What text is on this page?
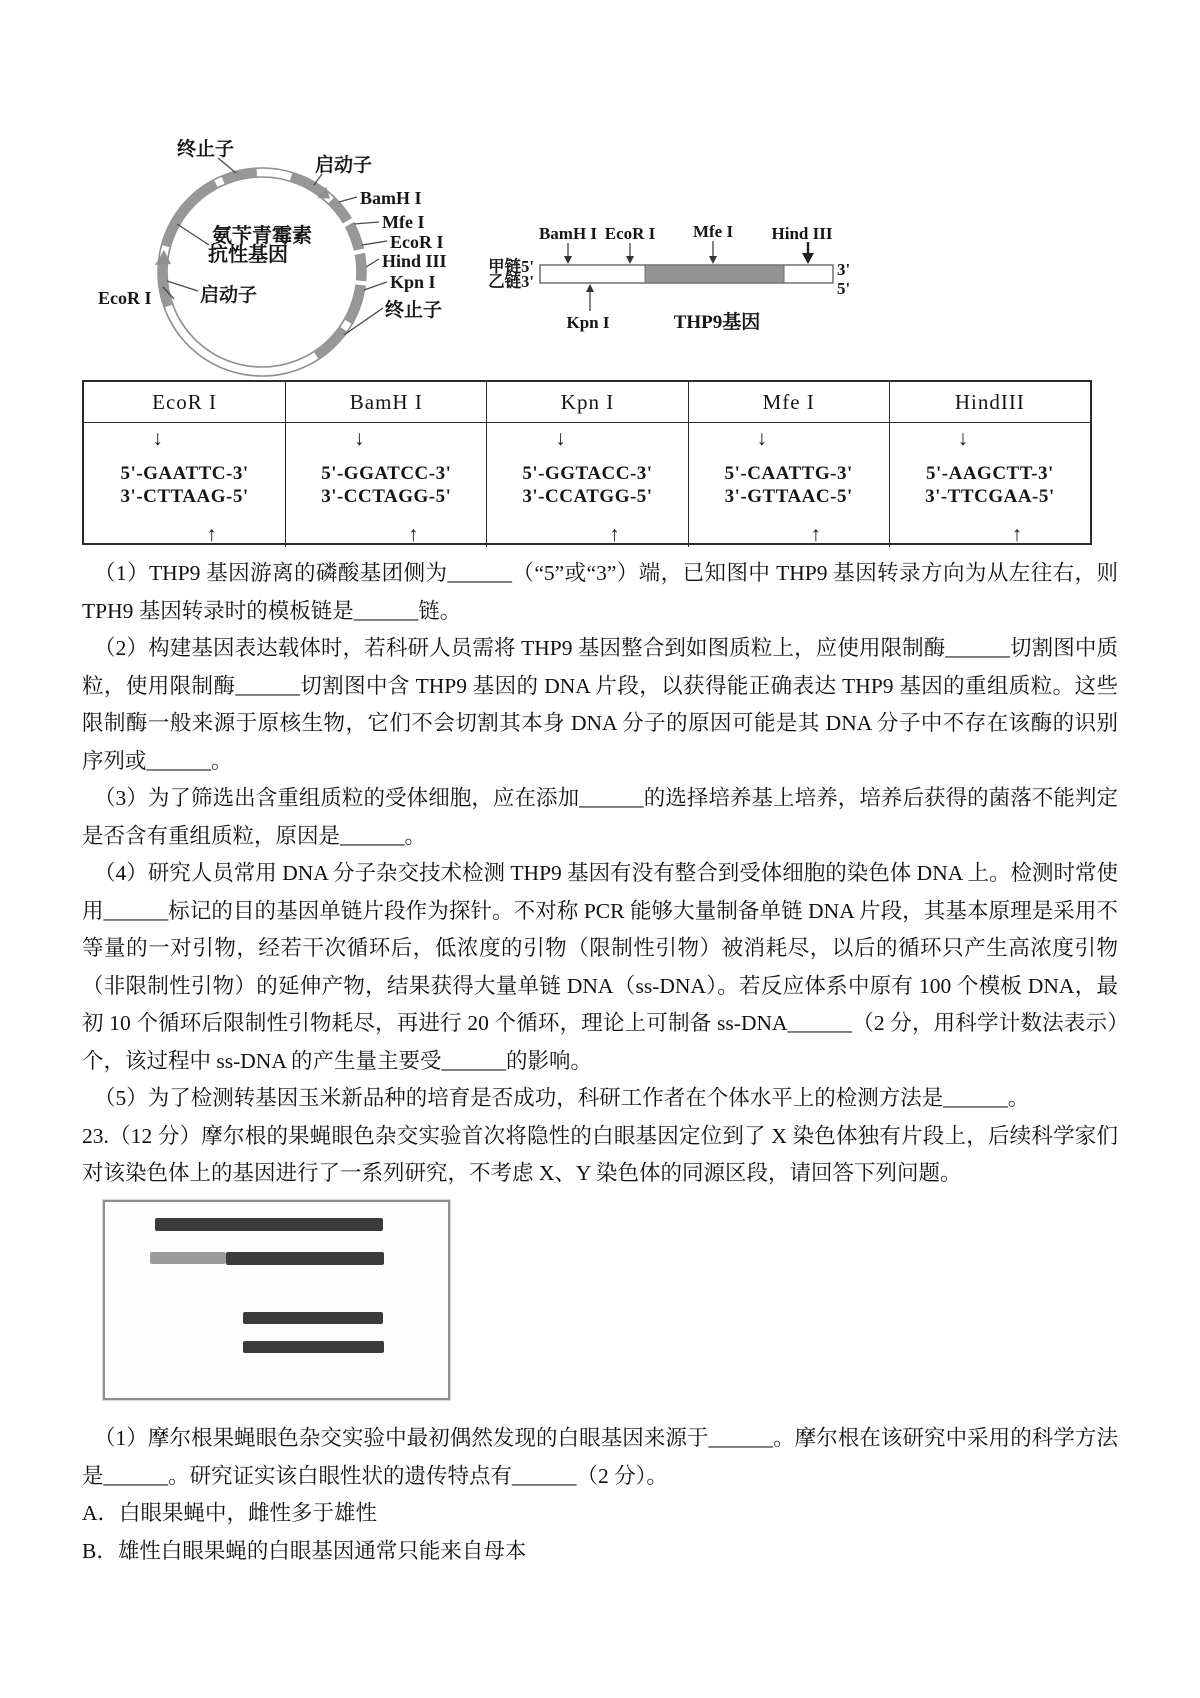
终止子
启动子
BamH I
Mfe I
EcoR I
Hind III
Kpn I
终止子
启动子
EcoR I
氨苄青霉素
抗性基因
BamH I EcoR I Mfe I Hind III
甲链5'
乙链3'
3'
5'
Kpn I	THP9基因
EcoR I	BamH I	Kpn I	Mfe I	HindIII
↓
5'-GAATTC-3'
3'-CTTAAG-5'
↑
↓
5'-GGATCC-3'
3'-CCTAGG-5'
↑
↓
5'-GGTACC-3'
3'-CCATGG-5'
↑
↓
5'-CAATTG-3'
3'-GTTAAC-5'
↑
↓
5'-AAGCTT-3'
3'-TTCGAA-5'
↑

（1）THP9 基因游离的磷酸基团侧为______（“5”或“3”）端，已知图中 THP9 基因转录方向为从左往右，则 TPH9 基因转录时的模板链是______链。

（2）构建基因表达载体时，若科研人员需将 THP9 基因整合到如图质粒上，应使用限制酶______切割图中质粒，使用限制酶______切割图中含 THP9 基因的 DNA 片段，以获得能正确表达 THP9 基因的重组质粒。这些限制酶一般来源于原核生物，它们不会切割其本身 DNA 分子的原因可能是其 DNA 分子中不存在该酶的识别序列或______。

（3）为了筛选出含重组质粒的受体细胞，应在添加______的选择培养基上培养，培养后获得的菌落不能判定是否含有重组质粒，原因是______。

（4）研究人员常用 DNA 分子杂交技术检测 THP9 基因有没有整合到受体细胞的染色体 DNA 上。检测时常使用______标记的目的基因单链片段作为探针。不对称 PCR 能够大量制备单链 DNA 片段，其基本原理是采用不等量的一对引物，经若干次循环后，低浓度的引物（限制性引物）被消耗尽，以后的循环只产生高浓度引物（非限制性引物）的延伸产物，结果获得大量单链 DNA（ss-DNA）。若反应体系中原有 100 个模板 DNA，最初 10 个循环后限制性引物耗尽，再进行 20 个循环，理论上可制备 ss-DNA______（2 分，用科学计数法表示）个，该过程中 ss-DNA 的产生量主要受______的影响。

（5）为了检测转基因玉米新品种的培育是否成功，科研工作者在个体水平上的检测方法是______。

23.（12 分）摩尔根的果蝇眼色杂交实验首次将隐性的白眼基因定位到了 X 染色体独有片段上，后续科学家们对该染色体上的基因进行了一系列研究，不考虑 X、Y 染色体的同源区段，请回答下列问题。

（1）摩尔根果蝇眼色杂交实验中最初偶然发现的白眼基因来源于______。摩尔根在该研究中采用的科学方法是______。研究证实该白眼性状的遗传特点有______（2 分）。

A．白眼果蝇中，雌性多于雄性

B．雄性白眼果蝇的白眼基因通常只能来自母本
